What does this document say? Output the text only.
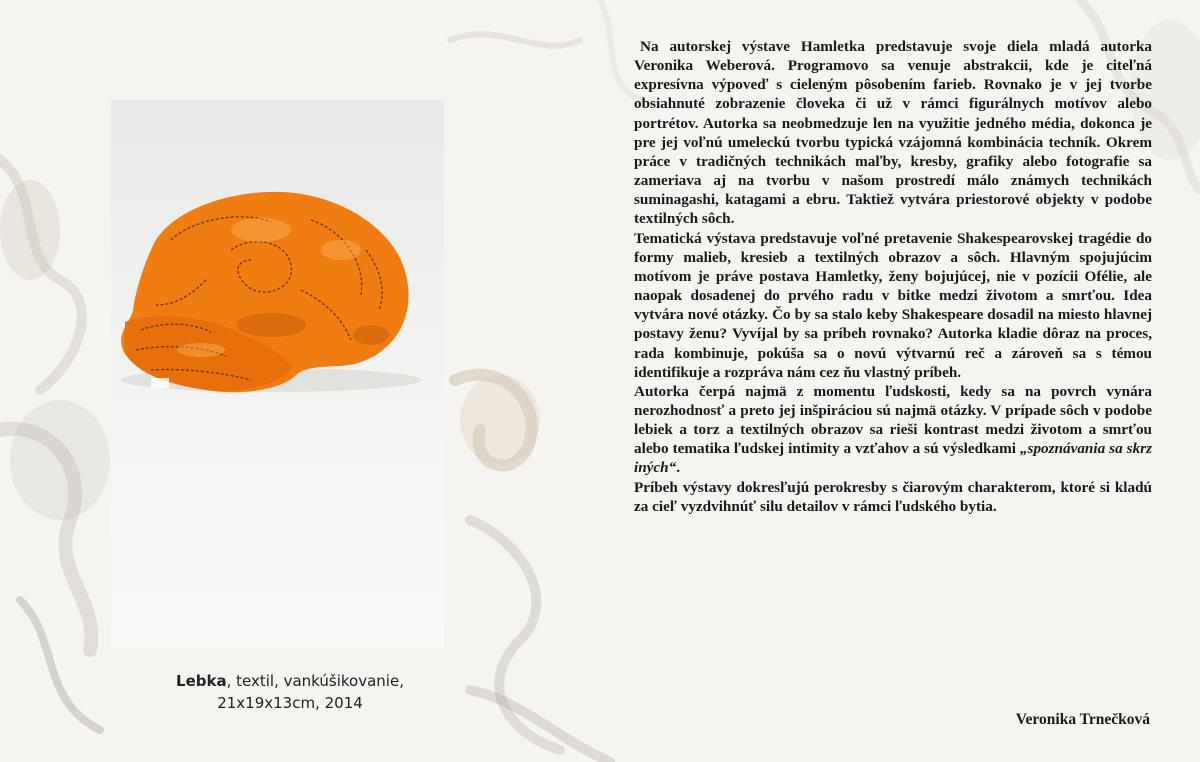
Lebka, textil, vankúšikovanie,
21x19x13cm, 2014

Na autorskej výstave Hamletka predstavuje svoje diela mladá autorka Veronika Weberová. Programovo sa venuje abstrakcii, kde je citeľná expresívna výpoveď s cieleným pôsobením farieb. Rovnako je v jej tvorbe obsiahnuté zobrazenie človeka či už v rámci figurálnych motívov alebo portrétov. Autorka sa neobmedzuje len na využitie jedného média, dokonca je pre jej voľnú umeleckú tvorbu typická vzájomná kombinácia techník. Okrem práce v tradičných technikách maľby, kresby, grafiky alebo fotografie sa zameriava aj na tvorbu v našom prostredí málo známych technikách suminagashi, katagami a ebru. Taktiež vytvára priestorové objekty v podobe textilných sôch.

Tematická výstava predstavuje voľné pretavenie Shakespearovskej tragédie do formy malieb, kresieb a textilných obrazov a sôch. Hlavným spojujúcim motívom je práve postava Hamletky, ženy bojujúcej, nie v pozícii Ofélie, ale naopak dosadenej do prvého radu v bitke medzi životom a smrťou. Idea vytvára nové otázky. Čo by sa stalo keby Shakespeare dosadil na miesto hlavnej postavy ženu? Vyvíjal by sa príbeh rovnako? Autorka kladie dôraz na proces, rada kombinuje, pokúša sa o novú výtvarnú reč a zároveň sa s témou identifikuje a rozpráva nám cez ňu vlastný príbeh.

Autorka čerpá najmä z momentu ľudskosti, kedy sa na povrch vynára nerozhodnosť a preto jej inšpiráciou sú najmä otázky. V prípade sôch v podobe lebiek a torz a textilných obrazov sa rieši kontrast medzi životom a smrťou alebo tematika ľudskej intimity a vzťahov a sú výsledkami „spoznávania sa skrz iných“.

Príbeh výstavy dokresľujú perokresby s čiarovým charakterom, ktoré si kladú za cieľ vyzdvihnúť silu detailov v rámci ľudského bytia.

Veronika Trnečková
